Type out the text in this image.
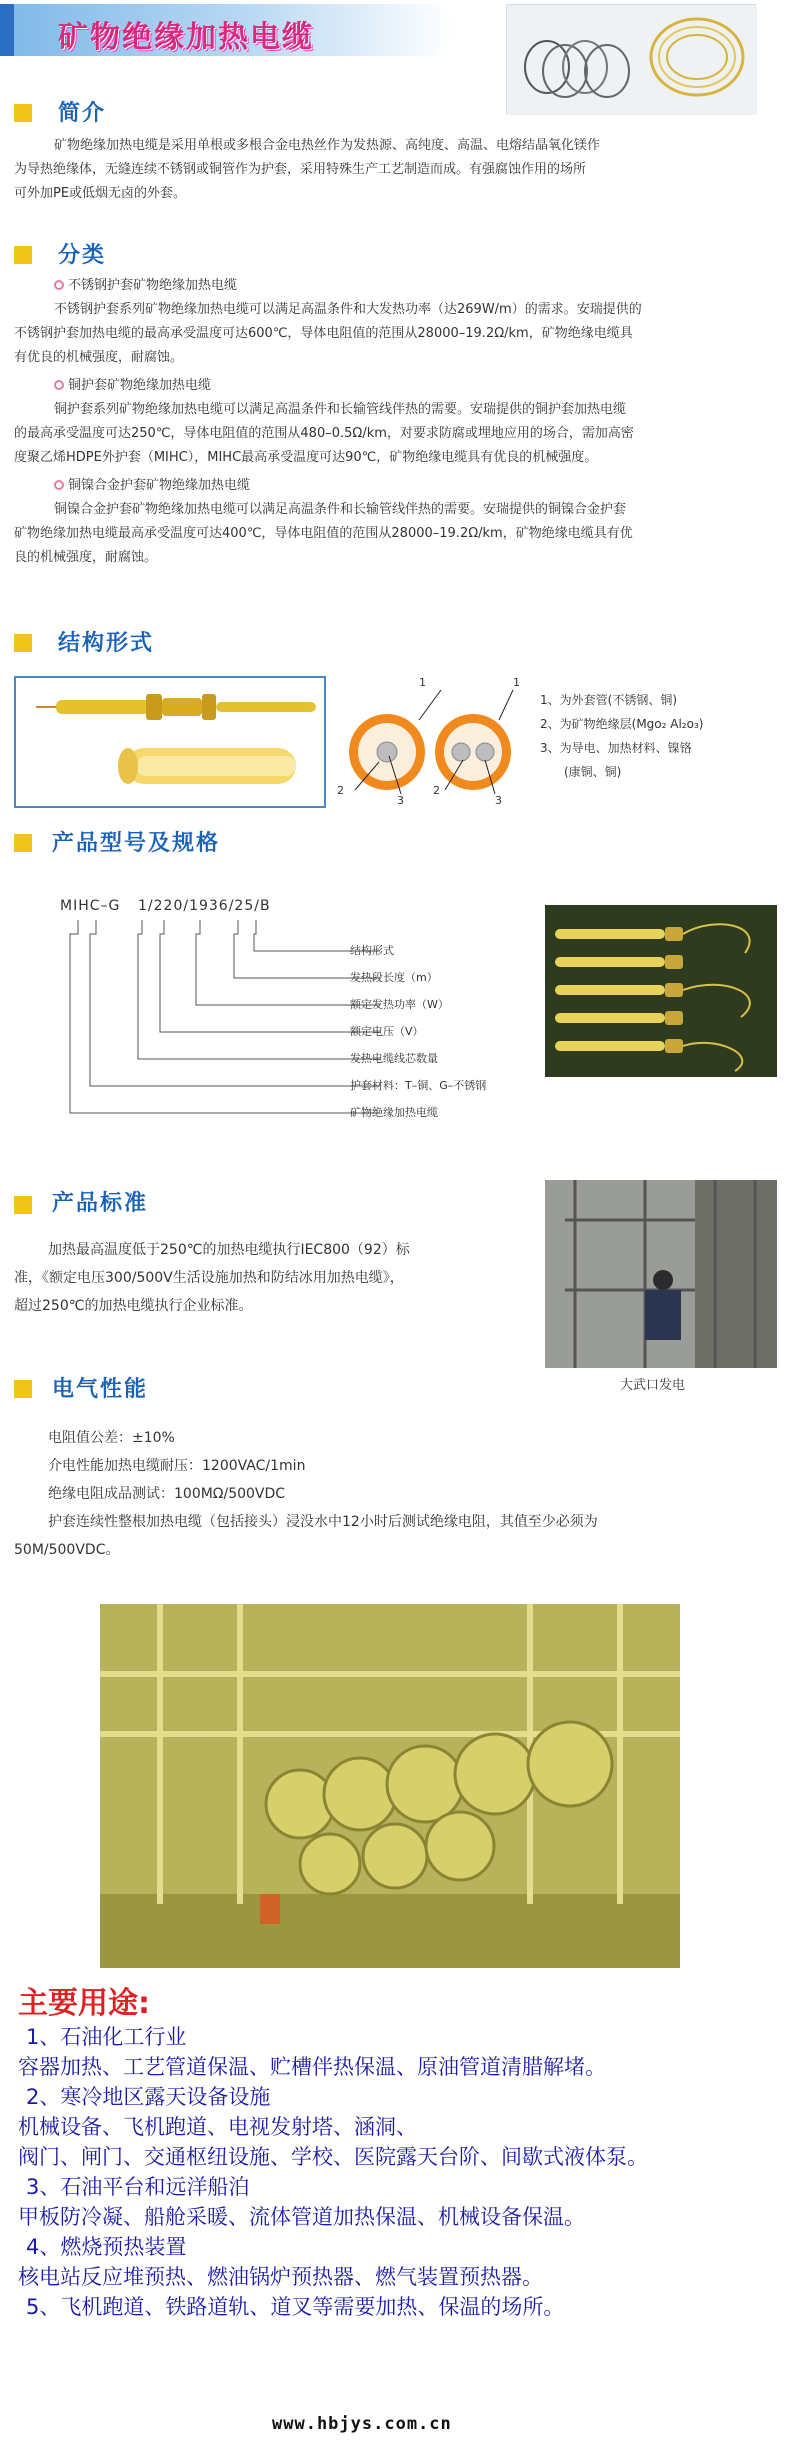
矿物绝缘加热电缆
简介
矿物绝缘加热电缆是采用单根或多根合金电热丝作为发热源、高纯度、高温、电熔结晶氧化镁作
为导热绝缘体，无缝连续不锈钢或铜管作为护套，采用特殊生产工艺制造而成。有强腐蚀作用的场所
可外加PE或低烟无卤的外套。
分类
不锈钢护套矿物绝缘加热电缆
不锈钢护套系列矿物绝缘加热电缆可以满足高温条件和大发热功率（达269W/m）的需求。安瑞提供的
不锈钢护套加热电缆的最高承受温度可达600℃，导体电阻值的范围从28000–19.2Ω/km，矿物绝缘电缆具
有优良的机械强度，耐腐蚀。
铜护套矿物绝缘加热电缆
铜护套系列矿物绝缘加热电缆可以满足高温条件和长输管线伴热的需要。安瑞提供的铜护套加热电缆
的最高承受温度可达250℃，导体电阻值的范围从480–0.5Ω/km，对要求防腐或埋地应用的场合，需加高密
度聚乙烯HDPE外护套（MIHC），MIHC最高承受温度可达90℃，矿物绝缘电缆具有优良的机械强度。
铜镍合金护套矿物绝缘加热电缆
铜镍合金护套矿物绝缘加热电缆可以满足高温条件和长输管线伴热的需要。安瑞提供的铜镍合金护套
矿物绝缘加热电缆最高承受温度可达400℃，导体电阻值的范围从28000–19.2Ω/km，矿物绝缘电缆具有优
良的机械强度，耐腐蚀。
结构形式
1	1
2	2
3	3
1、为外套管(不锈钢、铜)
2、为矿物绝缘层(Mgo₂ Al₂o₃)
3、为导电、加热材料、镍铬
(康铜、铜)
产品型号及规格
MIHC–G 1/220/1936/25/B
结构形式
发热段长度（m）
额定发热功率（W）
额定电压（V）
发热电缆线芯数量
护套材料：T–铜、G–不锈钢
矿物绝缘加热电缆
产品标准
加热最高温度低于250℃的加热电缆执行IEC800（92）标
准，《额定电压300/500V生活设施加热和防结冰用加热电缆》，
超过250℃的加热电缆执行企业标准。
大武口发电
电气性能
电阻值公差：±10%
介电性能加热电缆耐压：1200VAC/1min
绝缘电阻成品测试：100MΩ/500VDC
护套连续性整根加热电缆（包括接头）浸没水中12小时后测试绝缘电阻，其值至少必须为
50M/500VDC。
主要用途:
1、石油化工行业
容器加热、工艺管道保温、贮槽伴热保温、原油管道清腊解堵。
2、寒冷地区露天设备设施
机械设备、飞机跑道、电视发射塔、涵洞、
阀门、闸门、交通枢纽设施、学校、医院露天台阶、间歇式液体泵。
3、石油平台和远洋船泊
甲板防冷凝、船舱采暖、流体管道加热保温、机械设备保温。
4、燃烧预热装置
核电站反应堆预热、燃油锅炉预热器、燃气装置预热器。
5、飞机跑道、铁路道轨、道叉等需要加热、保温的场所。
www.hbjys.com.cn
